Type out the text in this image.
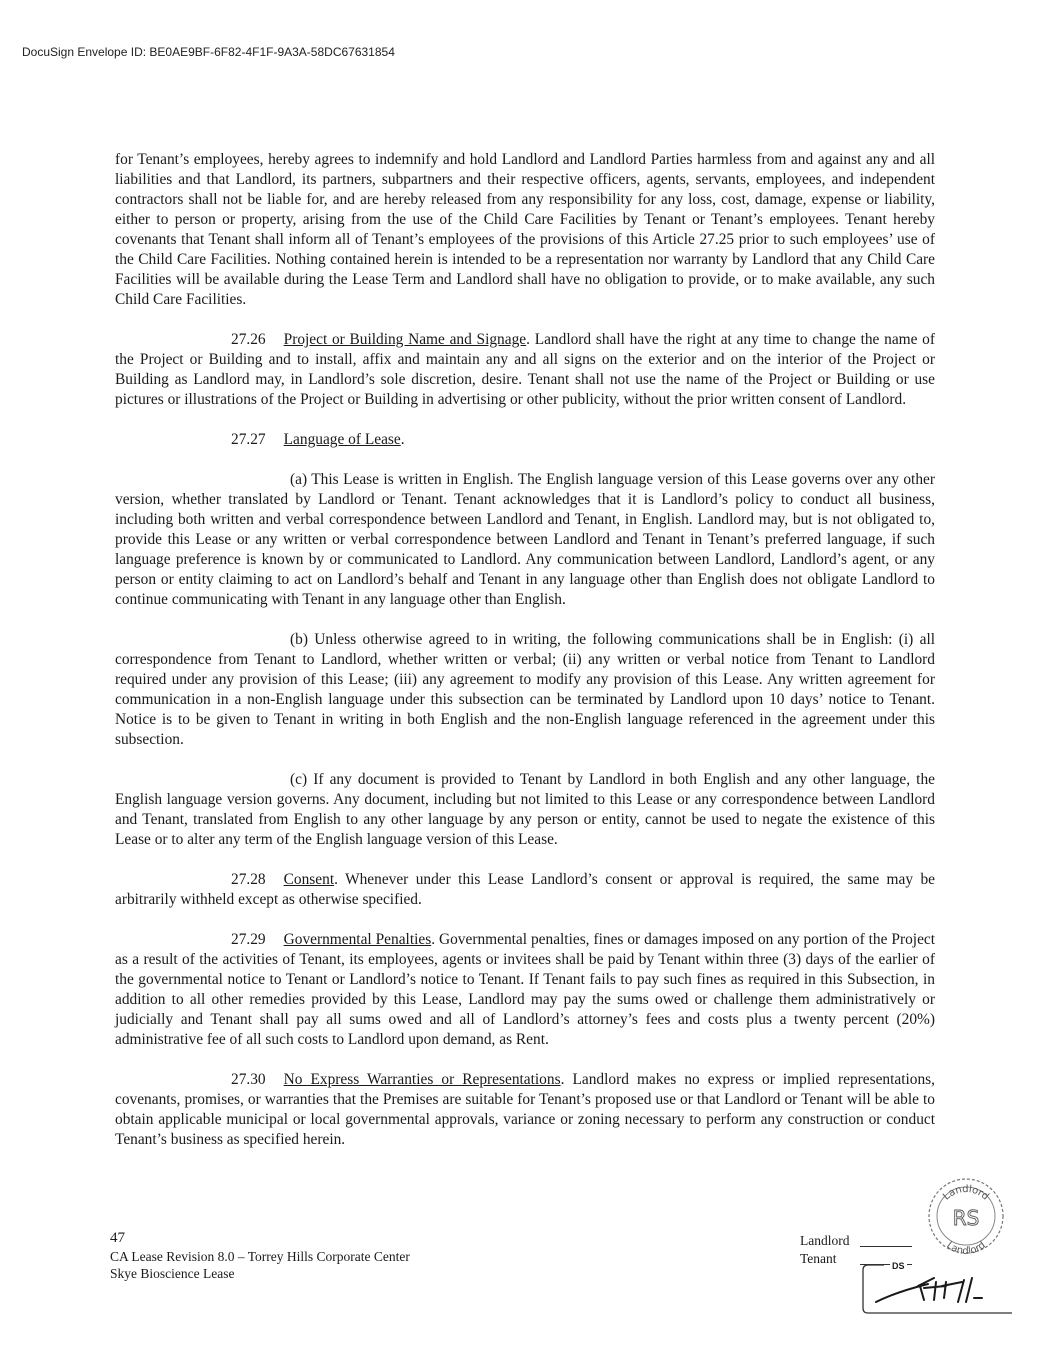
DocuSign Envelope ID: BE0AE9BF-6F82-4F1F-9A3A-58DC67631854

for Tenant’s employees, hereby agrees to indemnify and hold Landlord and Landlord Parties harmless from and against any and all liabilities and that Landlord, its partners, subpartners and their respective officers, agents, servants, employees, and independent contractors shall not be liable for, and are hereby released from any responsibility for any loss, cost, damage, expense or liability, either to person or property, arising from the use of the Child Care Facilities by Tenant or Tenant’s employees. Tenant hereby covenants that Tenant shall inform all of Tenant’s employees of the provisions of this Article 27.25 prior to such employees’ use of the Child Care Facilities. Nothing contained herein is intended to be a representation nor warranty by Landlord that any Child Care Facilities will be available during the Lease Term and Landlord shall have no obligation to provide, or to make available, any such Child Care Facilities.

27.26 Project or Building Name and Signage. Landlord shall have the right at any time to change the name of the Project or Building and to install, affix and maintain any and all signs on the exterior and on the interior of the Project or Building as Landlord may, in Landlord’s sole discretion, desire. Tenant shall not use the name of the Project or Building or use pictures or illustrations of the Project or Building in advertising or other publicity, without the prior written consent of Landlord.

27.27 Language of Lease.

(a) This Lease is written in English. The English language version of this Lease governs over any other version, whether translated by Landlord or Tenant. Tenant acknowledges that it is Landlord’s policy to conduct all business, including both written and verbal correspondence between Landlord and Tenant, in English. Landlord may, but is not obligated to, provide this Lease or any written or verbal correspondence between Landlord and Tenant in Tenant’s preferred language, if such language preference is known by or communicated to Landlord. Any communication between Landlord, Landlord’s agent, or any person or entity claiming to act on Landlord’s behalf and Tenant in any language other than English does not obligate Landlord to continue communicating with Tenant in any language other than English.

(b) Unless otherwise agreed to in writing, the following communications shall be in English: (i) all correspondence from Tenant to Landlord, whether written or verbal; (ii) any written or verbal notice from Tenant to Landlord required under any provision of this Lease; (iii) any agreement to modify any provision of this Lease. Any written agreement for communication in a non-English language under this subsection can be terminated by Landlord upon 10 days’ notice to Tenant. Notice is to be given to Tenant in writing in both English and the non-English language referenced in the agreement under this subsection.

(c) If any document is provided to Tenant by Landlord in both English and any other language, the English language version governs. Any document, including but not limited to this Lease or any correspondence between Landlord and Tenant, translated from English to any other language by any person or entity, cannot be used to negate the existence of this Lease or to alter any term of the English language version of this Lease.

27.28 Consent. Whenever under this Lease Landlord’s consent or approval is required, the same may be arbitrarily withheld except as otherwise specified.

27.29 Governmental Penalties. Governmental penalties, fines or damages imposed on any portion of the Project as a result of the activities of Tenant, its employees, agents or invitees shall be paid by Tenant within three (3) days of the earlier of the governmental notice to Tenant or Landlord’s notice to Tenant. If Tenant fails to pay such fines as required in this Subsection, in addition to all other remedies provided by this Lease, Landlord may pay the sums owed or challenge them administratively or judicially and Tenant shall pay all sums owed and all of Landlord’s attorney’s fees and costs plus a twenty percent (20%) administrative fee of all such costs to Landlord upon demand, as Rent.

27.30 No Express Warranties or Representations. Landlord makes no express or implied representations, covenants, promises, or warranties that the Premises are suitable for Tenant’s proposed use or that Landlord or Tenant will be able to obtain applicable municipal or local governmental approvals, variance or zoning necessary to perform any construction or conduct Tenant’s business as specified herein.

47
CA Lease Revision 8.0 – Torrey Hills Corporate Center
Skye Bioscience Lease
Landlord
Tenant
Landlord
RS
Landlord
DS
